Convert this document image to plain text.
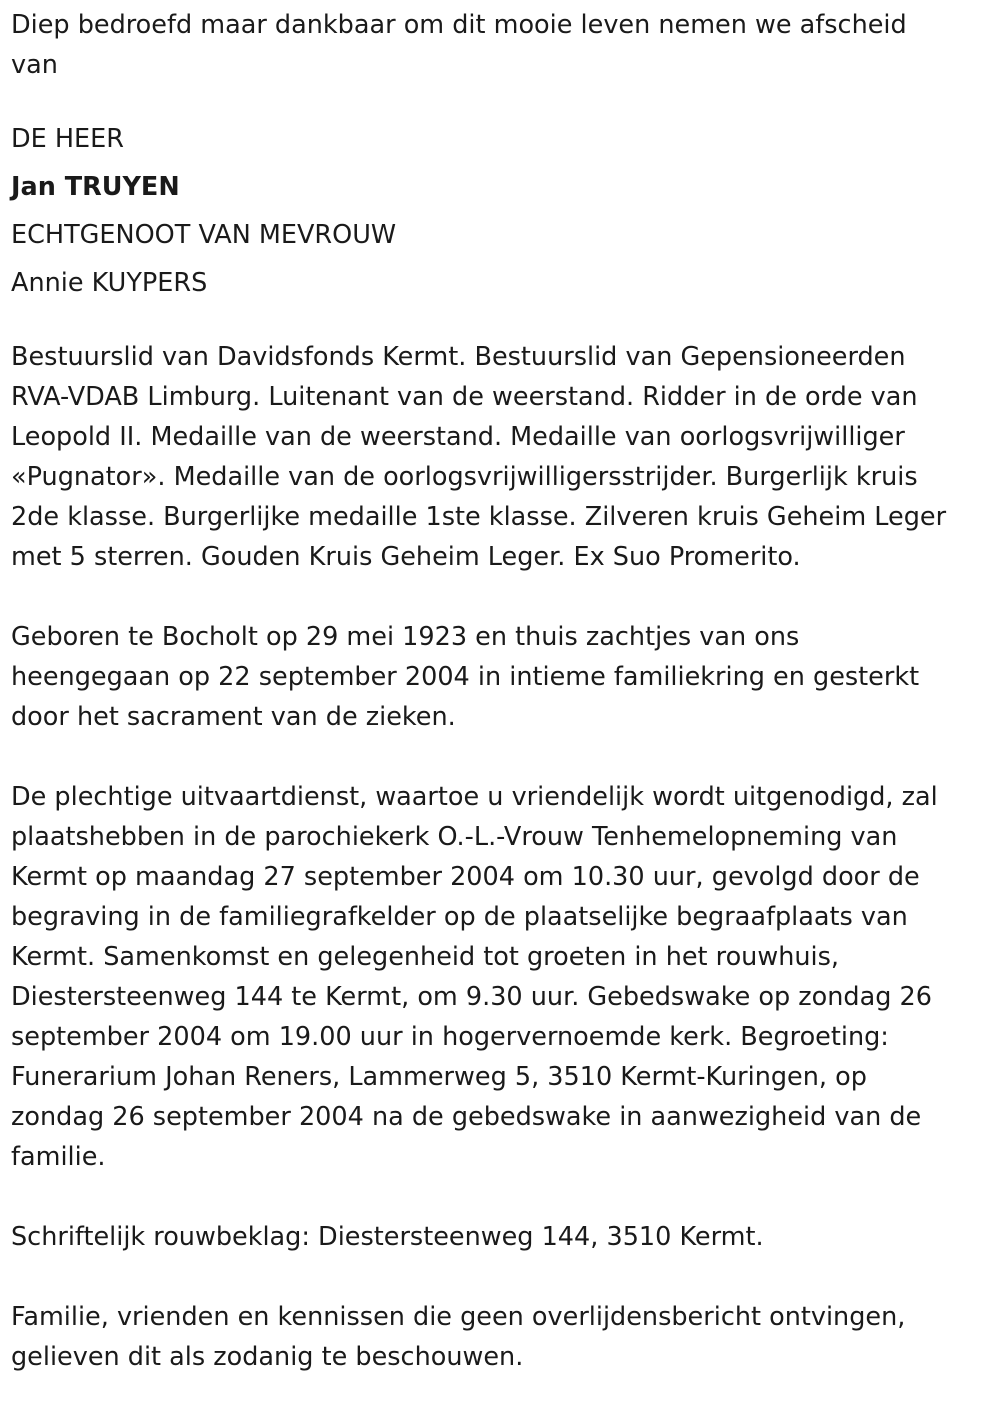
Diep bedroefd maar dankbaar om dit mooie leven nemen we afscheid

van

DE HEER

Jan TRUYEN

ECHTGENOOT VAN MEVROUW

Annie KUYPERS

Bestuurslid van Davidsfonds Kermt. Bestuurslid van Gepensioneerden

RVA-VDAB Limburg. Luitenant van de weerstand. Ridder in de orde van

Leopold II. Medaille van de weerstand. Medaille van oorlogsvrijwilliger

«Pugnator». Medaille van de oorlogsvrijwilligersstrijder. Burgerlijk kruis

2de klasse. Burgerlijke medaille 1ste klasse. Zilveren kruis Geheim Leger

met 5 sterren. Gouden Kruis Geheim Leger. Ex Suo Promerito.

Geboren te Bocholt op 29 mei 1923 en thuis zachtjes van ons

heengegaan op 22 september 2004 in intieme familiekring en gesterkt

door het sacrament van de zieken.

De plechtige uitvaartdienst, waartoe u vriendelijk wordt uitgenodigd, zal

plaatshebben in de parochiekerk O.-L.-Vrouw Tenhemelopneming van

Kermt op maandag 27 september 2004 om 10.30 uur, gevolgd door de

begraving in de familiegrafkelder op de plaatselijke begraafplaats van

Kermt. Samenkomst en gelegenheid tot groeten in het rouwhuis,

Diestersteenweg 144 te Kermt, om 9.30 uur. Gebedswake op zondag 26

september 2004 om 19.00 uur in hogervernoemde kerk. Begroeting:

Funerarium Johan Reners, Lammerweg 5, 3510 Kermt-Kuringen, op

zondag 26 september 2004 na de gebedswake in aanwezigheid van de

familie.

Schriftelijk rouwbeklag: Diestersteenweg 144, 3510 Kermt.

Familie, vrienden en kennissen die geen overlijdensbericht ontvingen,

gelieven dit als zodanig te beschouwen.
